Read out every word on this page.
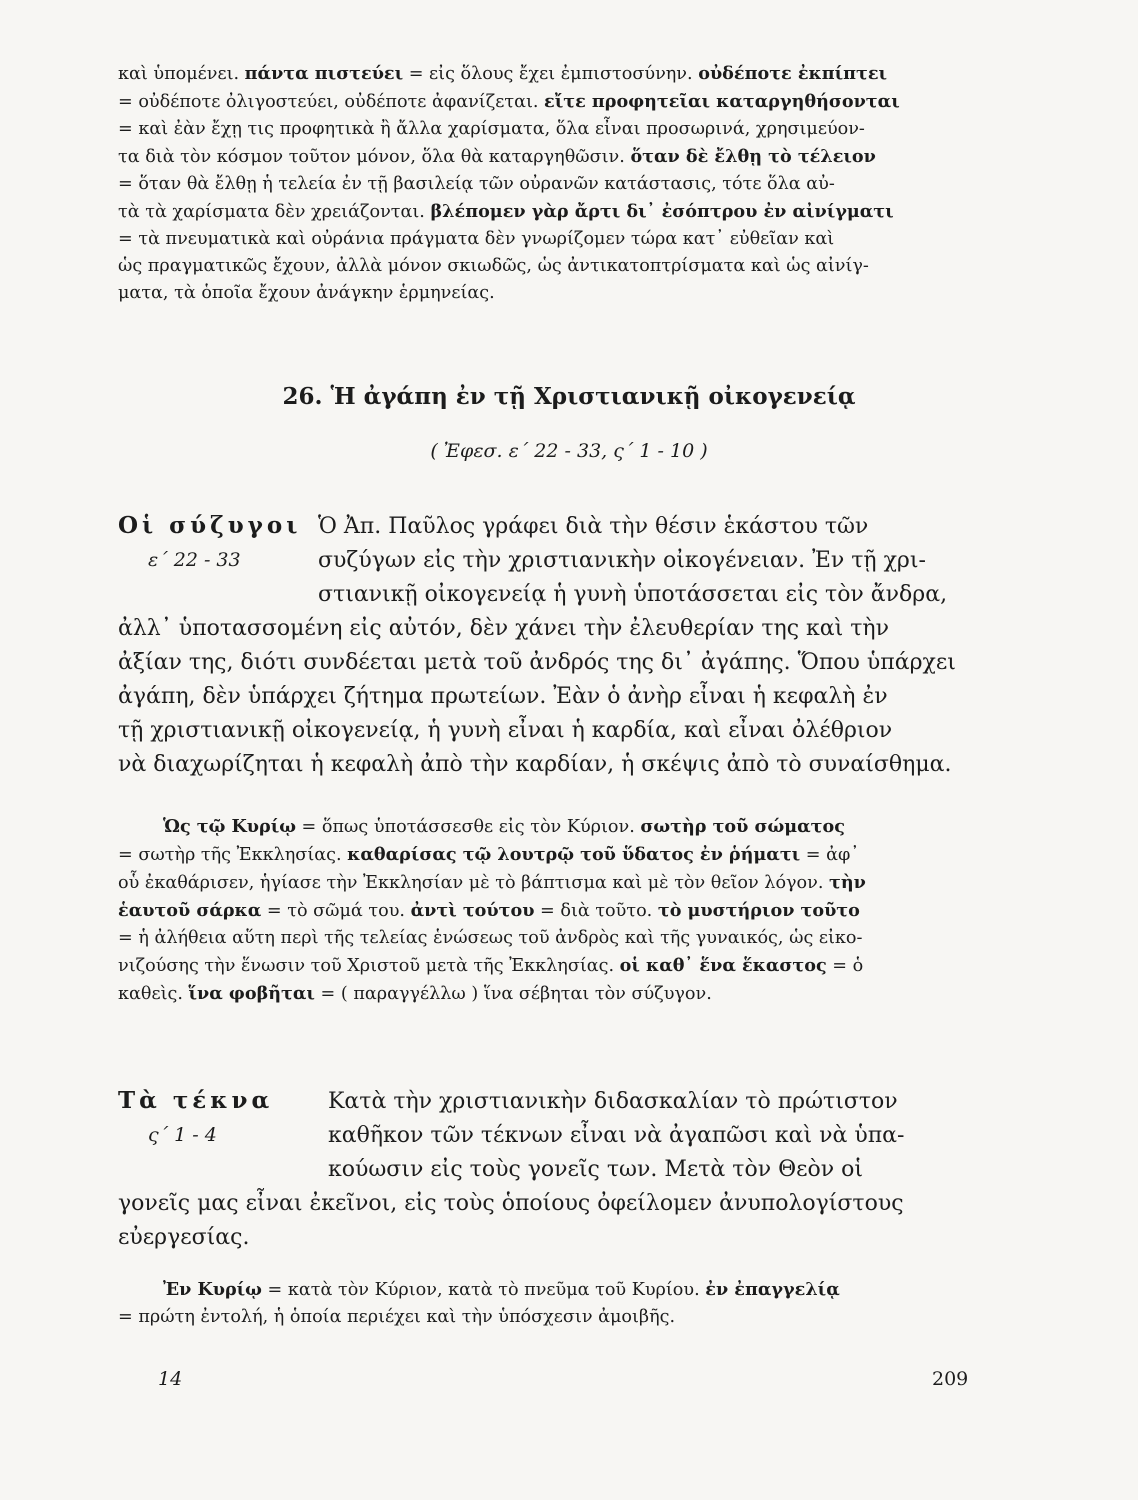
καὶ ὑπομένει. πάντα πιστεύει = εἰς ὅλους ἔχει ἐμπιστοσύνην. οὐδέποτε ἐκπίπτει

= οὐδέποτε ὀλιγοστεύει, οὐδέποτε ἀφανίζεται. εἴτε προφητεῖαι καταργηθήσονται

= καὶ ἐὰν ἔχῃ τις προφητικὰ ἢ ἄλλα χαρίσματα, ὅλα εἶναι προσωρινά, χρησιμεύον-

τα διὰ τὸν κόσμον τοῦτον μόνον, ὅλα θὰ καταργηθῶσιν. ὅταν δὲ ἔλθῃ τὸ τέλειον

= ὅταν θὰ ἔλθῃ ἡ τελεία ἐν τῇ βασιλείᾳ τῶν οὐρανῶν κατάστασις, τότε ὅλα αὐ-

τὰ τὰ χαρίσματα δὲν χρειάζονται. βλέπομεν γὰρ ἄρτι δι᾽ ἐσόπτρου ἐν αἰνίγματι

= τὰ πνευματικὰ καὶ οὐράνια πράγματα δὲν γνωρίζομεν τώρα κατ᾽ εὐθεῖαν καὶ

ὡς πραγματικῶς ἔχουν, ἀλλὰ μόνον σκιωδῶς, ὡς ἀντικατοπτρίσματα καὶ ὡς αἰνίγ-

ματα, τὰ ὁποῖα ἔχουν ἀνάγκην ἑρμηνείας.

26. Ἡ ἀγάπη ἐν τῇ Χριστιανικῇ οἰκογενείᾳ
( Ἐφεσ. ε΄ 22 - 33, ς΄ 1 - 10 )
Οἱ σύζυγοι
ε΄ 22 - 33

Ὁ Ἀπ. Παῦλος γράφει διὰ τὴν θέσιν ἑκάστου τῶν

συζύγων εἰς τὴν χριστιανικὴν οἰκογένειαν. Ἐν τῇ χρι-

στιανικῇ οἰκογενείᾳ ἡ γυνὴ ὑποτάσσεται εἰς τὸν ἄνδρα,

ἀλλ᾽ ὑποτασσομένη εἰς αὐτόν, δὲν χάνει τὴν ἐλευθερίαν της καὶ τὴν

ἀξίαν της, διότι συνδέεται μετὰ τοῦ ἀνδρός της δι᾽ ἀγάπης. Ὅπου ὑπάρχει

ἀγάπη, δὲν ὑπάρχει ζήτημα πρωτείων. Ἐὰν ὁ ἀνὴρ εἶναι ἡ κεφαλὴ ἐν

τῇ χριστιανικῇ οἰκογενείᾳ, ἡ γυνὴ εἶναι ἡ καρδία, καὶ εἶναι ὀλέθριον

νὰ διαχωρίζηται ἡ κεφαλὴ ἀπὸ τὴν καρδίαν, ἡ σκέψις ἀπὸ τὸ συναίσθημα.

Ὡς τῷ Κυρίῳ = ὅπως ὑποτάσσεσθε εἰς τὸν Κύριον. σωτὴρ τοῦ σώματος

= σωτὴρ τῆς Ἐκκλησίας. καθαρίσας τῷ λουτρῷ τοῦ ὕδατος ἐν ῥήματι = ἀφ᾽

οὗ ἐκαθάρισεν, ἡγίασε τὴν Ἐκκλησίαν μὲ τὸ βάπτισμα καὶ μὲ τὸν θεῖον λόγον. τὴν

ἑαυτοῦ σάρκα = τὸ σῶμά του. ἀντὶ τούτου = διὰ τοῦτο. τὸ μυστήριον τοῦτο

= ἡ ἀλήθεια αὕτη περὶ τῆς τελείας ἑνώσεως τοῦ ἀνδρὸς καὶ τῆς γυναικός, ὡς εἰκο-

νιζούσης τὴν ἕνωσιν τοῦ Χριστοῦ μετὰ τῆς Ἐκκλησίας. οἱ καθ᾽ ἕνα ἕκαστος = ὁ

καθεὶς. ἵνα φοβῆται = ( παραγγέλλω ) ἵνα σέβηται τὸν σύζυγον.

Τὰ τέκνα
ς΄ 1 - 4

Κατὰ τὴν χριστιανικὴν διδασκαλίαν τὸ πρώτιστον

καθῆκον τῶν τέκνων εἶναι νὰ ἀγαπῶσι καὶ νὰ ὑπα-

κούωσιν εἰς τοὺς γονεῖς των. Μετὰ τὸν Θεὸν οἱ

γονεῖς μας εἶναι ἐκεῖνοι, εἰς τοὺς ὁποίους ὀφείλομεν ἀνυπολογίστους

εὐεργεσίας.

Ἐν Κυρίῳ = κατὰ τὸν Κύριον, κατὰ τὸ πνεῦμα τοῦ Κυρίου. ἐν ἐπαγγελίᾳ

= πρώτη ἐντολή, ἡ ὁποία περιέχει καὶ τὴν ὑπόσχεσιν ἀμοιβῆς.

14	209
